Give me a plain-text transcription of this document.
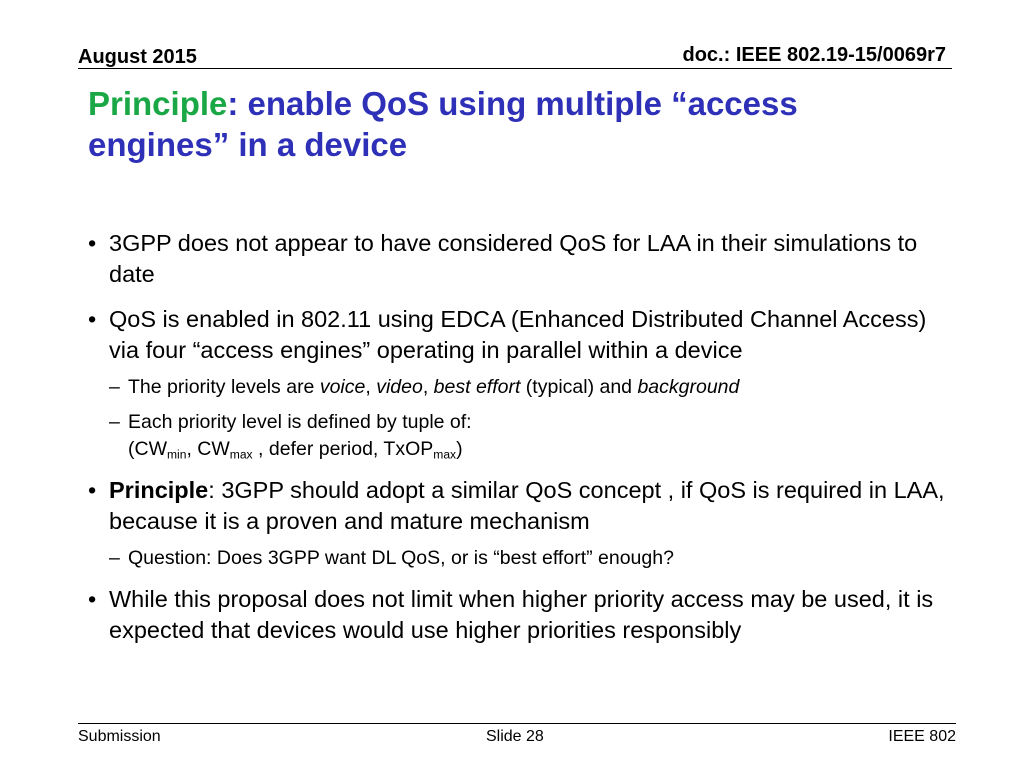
August 2015	doc.: IEEE 802.19-15/0069r7
Principle: enable QoS using multiple “access engines” in a device
• 3GPP does not appear to have considered QoS for LAA in their simulations to date
• QoS is enabled in 802.11 using EDCA (Enhanced Distributed Channel Access) via four “access engines” operating in parallel within a device
– The priority levels are voice, video, best effort (typical) and background
– Each priority level is defined by tuple of:
($CW_{min}$, $CW_{max}$ , defer period, TxOP$_{max}$)
• Principle: 3GPP should adopt a similar QoS concept , if QoS is required in LAA, because it is a proven and mature mechanism
– Question: Does 3GPP want DL QoS, or is “best effort” enough?
• While this proposal does not limit when higher priority access may be used, it is expected that devices would use higher priorities responsibly
Submission	Slide 28	IEEE 802
